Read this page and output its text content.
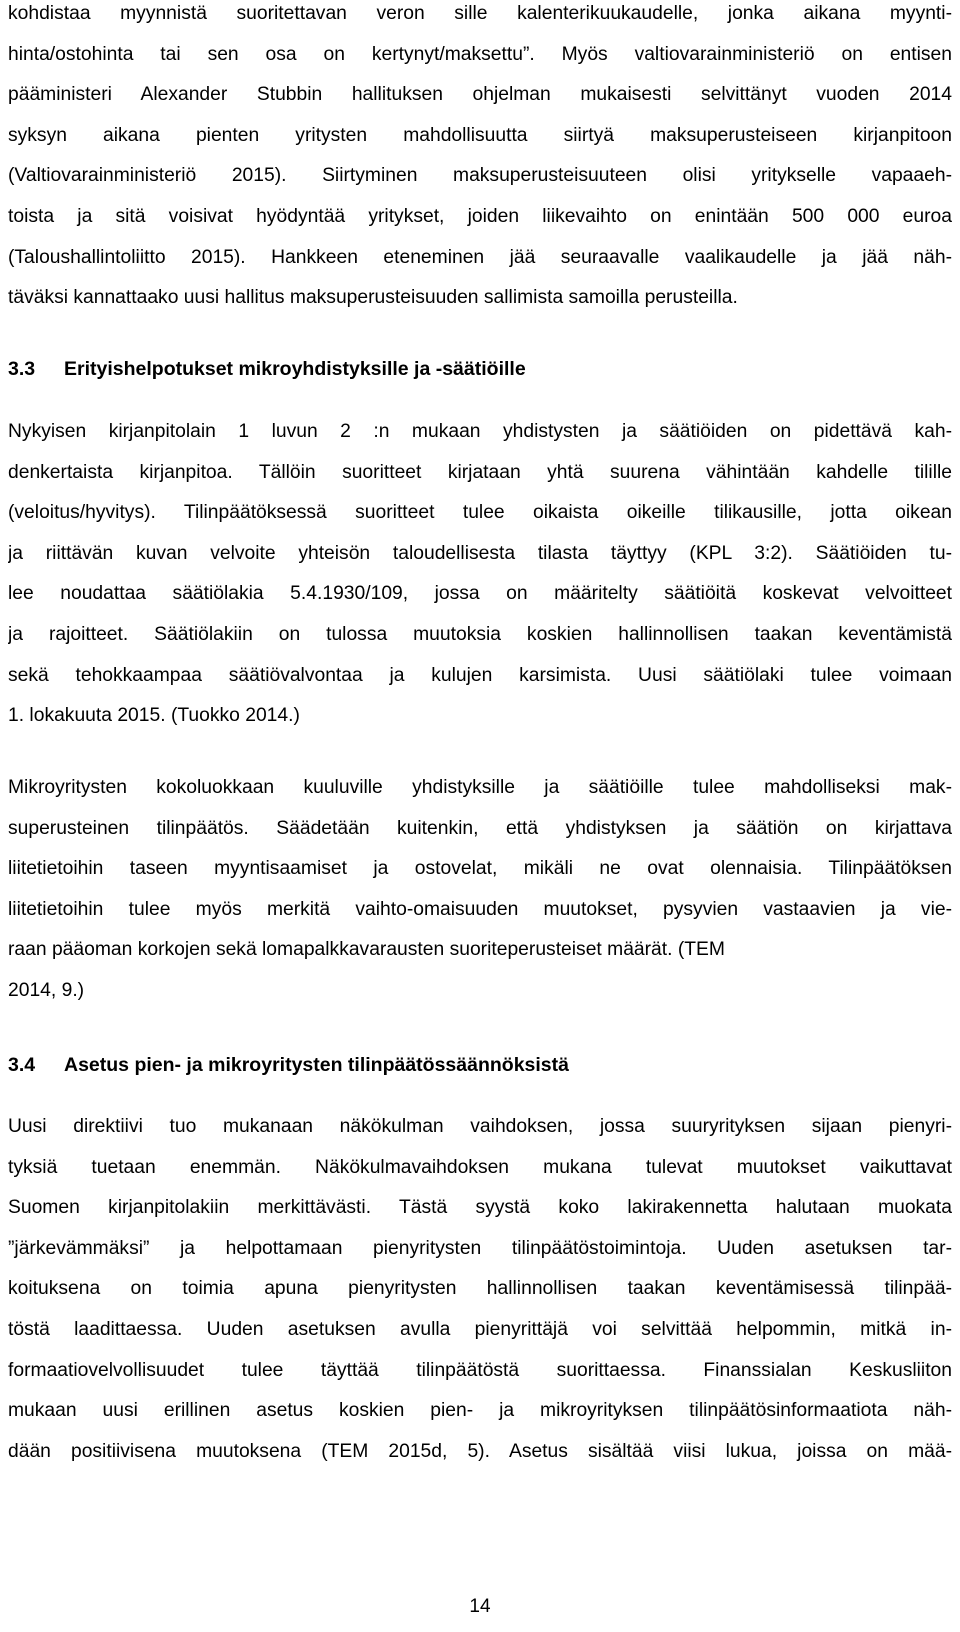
kohdistaa myynnistä suoritettavan veron sille kalenterikuukaudelle, jonka aikana myynti-
hinta/ostohinta tai sen osa on kertynyt/maksettu”. Myös valtiovarainministeriö on entisen
pääministeri Alexander Stubbin hallituksen ohjelman mukaisesti selvittänyt vuoden 2014
syksyn aikana pienten yritysten mahdollisuutta siirtyä maksuperusteiseen kirjanpitoon
(Valtiovarainministeriö 2015). Siirtyminen maksuperusteisuuteen olisi yritykselle vapaaeh-
toista ja sitä voisivat hyödyntää yritykset, joiden liikevaihto on enintään 500 000 euroa
(Taloushallintoliitto 2015). Hankkeen eteneminen jää seuraavalle vaalikaudelle ja jää näh-
täväksi kannattaako uusi hallitus maksuperusteisuuden sallimista samoilla perusteilla.

3.3 Erityishelpotukset mikroyhdistyksille ja -säätiöille

Nykyisen kirjanpitolain 1 luvun 2 :n mukaan yhdistysten ja säätiöiden on pidettävä kah-
denkertaista kirjanpitoa. Tällöin suoritteet kirjataan yhtä suurena vähintään kahdelle tilille
(veloitus/hyvitys). Tilinpäätöksessä suoritteet tulee oikaista oikeille tilikausille, jotta oikean
ja riittävän kuvan velvoite yhteisön taloudellisesta tilasta täyttyy (KPL 3:2). Säätiöiden tu-
lee noudattaa säätiölakia 5.4.1930/109, jossa on määritelty säätiöitä koskevat velvoitteet
ja rajoitteet. Säätiölakiin on tulossa muutoksia koskien hallinnollisen taakan keventämistä
sekä tehokkaampaa säätiövalvontaa ja kulujen karsimista. Uusi säätiölaki tulee voimaan
1. lokakuuta 2015. (Tuokko 2014.)

Mikroyritysten kokoluokkaan kuuluville yhdistyksille ja säätiöille tulee mahdolliseksi mak-
superusteinen tilinpäätös. Säädetään kuitenkin, että yhdistyksen ja säätiön on kirjattava
liitetietoihin taseen myyntisaamiset ja ostovelat, mikäli ne ovat olennaisia. Tilinpäätöksen
liitetietoihin tulee myös merkitä vaihto-omaisuuden muutokset, pysyvien vastaavien ja vie-
raan pääoman korkojen sekä lomapalkkavarausten suoriteperusteiset määrät. (TEM
2014, 9.)

3.4 Asetus pien- ja mikroyritysten tilinpäätössäännöksistä

Uusi direktiivi tuo mukanaan näkökulman vaihdoksen, jossa suuryrityksen sijaan pienyri-
tyksiä tuetaan enemmän. Näkökulmavaihdoksen mukana tulevat muutokset vaikuttavat
Suomen kirjanpitolakiin merkittävästi. Tästä syystä koko lakirakennetta halutaan muokata
”järkevämmäksi” ja helpottamaan pienyritysten tilinpäätöstoimintoja. Uuden asetuksen tar-
koituksena on toimia apuna pienyritysten hallinnollisen taakan keventämisessä tilinpää-
töstä laadittaessa. Uuden asetuksen avulla pienyrittäjä voi selvittää helpommin, mitkä in-
formaatiovelvollisuudet tulee täyttää tilinpäätöstä suorittaessa. Finanssialan Keskusliiton
mukaan uusi erillinen asetus koskien pien- ja mikroyrityksen tilinpäätösinformaatiota näh-
dään positiivisena muutoksena (TEM 2015d, 5). Asetus sisältää viisi lukua, joissa on mää-

14
